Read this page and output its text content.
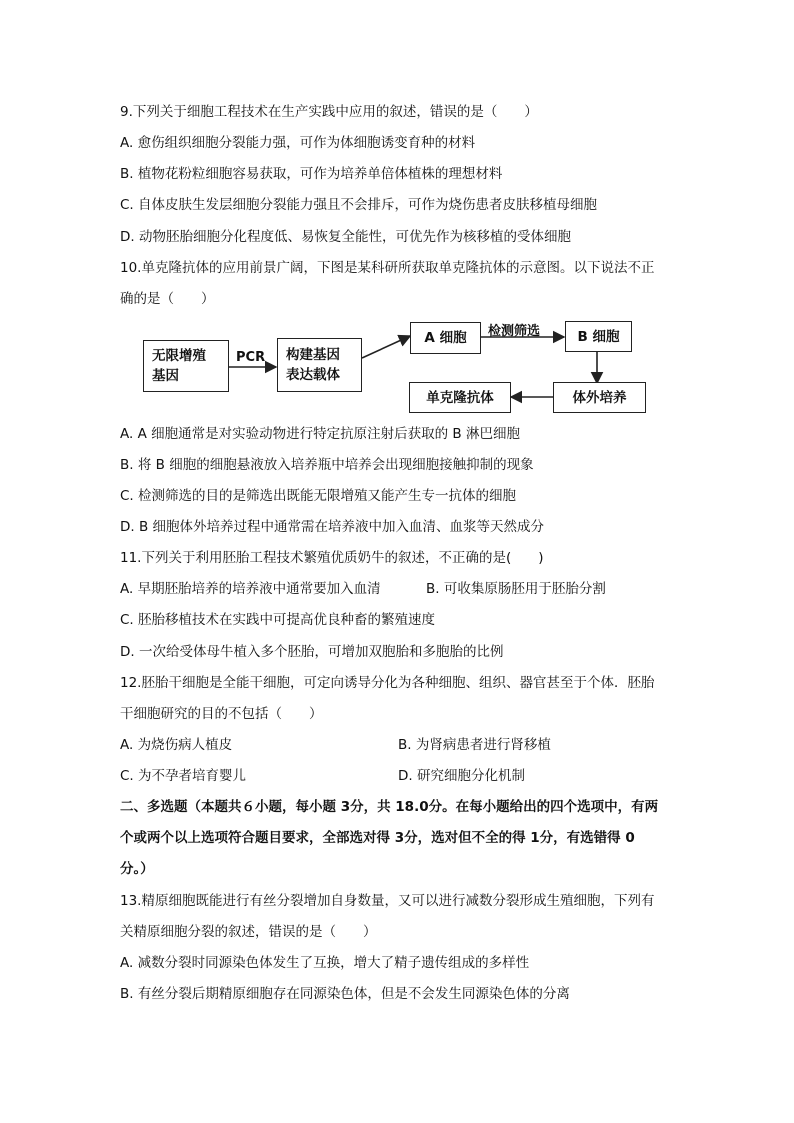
9.下列关于细胞工程技术在生产实践中应用的叙述，错误的是（　　）
A. 愈伤组织细胞分裂能力强，可作为体细胞诱变育种的材料
B. 植物花粉粒细胞容易获取，可作为培养单倍体植株的理想材料
C. 自体皮肤生发层细胞分裂能力强且不会排斥，可作为烧伤患者皮肤移植母细胞
D. 动物胚胎细胞分化程度低、易恢复全能性，可优先作为核移植的受体细胞
10.单克隆抗体的应用前景广阔，下图是某科研所获取单克隆抗体的示意图。以下说法不正
确的是（　　）
无限增殖
基因
PCR 构建基因
表达载体
A 细胞 检测筛选	B 细胞
体外培养
单克隆抗体
A. A 细胞通常是对实验动物进行特定抗原注射后获取的 B 淋巴细胞
B. 将 B 细胞的细胞悬液放入培养瓶中培养会出现细胞接触抑制的现象
C. 检测筛选的目的是筛选出既能无限增殖又能产生专一抗体的细胞
D. B 细胞体外培养过程中通常需在培养液中加入血清、血浆等天然成分
11.下列关于利用胚胎工程技术繁殖优质奶牛的叙述，不正确的是(　　)
A. 早期胚胎培养的培养液中通常要加入血清	B. 可收集原肠胚用于胚胎分割
C. 胚胎移植技术在实践中可提高优良种畜的繁殖速度
D. 一次给受体母牛植入多个胚胎，可增加双胞胎和多胞胎的比例
12.胚胎干细胞是全能干细胞，可定向诱导分化为各种细胞、组织、器官甚至于个体．胚胎
干细胞研究的目的不包括（　　）
A. 为烧伤病人植皮	B. 为肾病患者进行肾移植
C. 为不孕者培育婴儿	D. 研究细胞分化机制
二、多选题（本题共６小题，每小题 3分，共 18.0分。在每小题给出的四个选项中，有两
个或两个以上选项符合题目要求，全部选对得 3分，选对但不全的得 1分，有选错得 0
分。）
13.精原细胞既能进行有丝分裂增加自身数量，又可以进行减数分裂形成生殖细胞，下列有
关精原细胞分裂的叙述，错误的是（　　）
A. 减数分裂时同源染色体发生了互换，增大了精子遗传组成的多样性
B. 有丝分裂后期精原细胞存在同源染色体，但是不会发生同源染色体的分离
